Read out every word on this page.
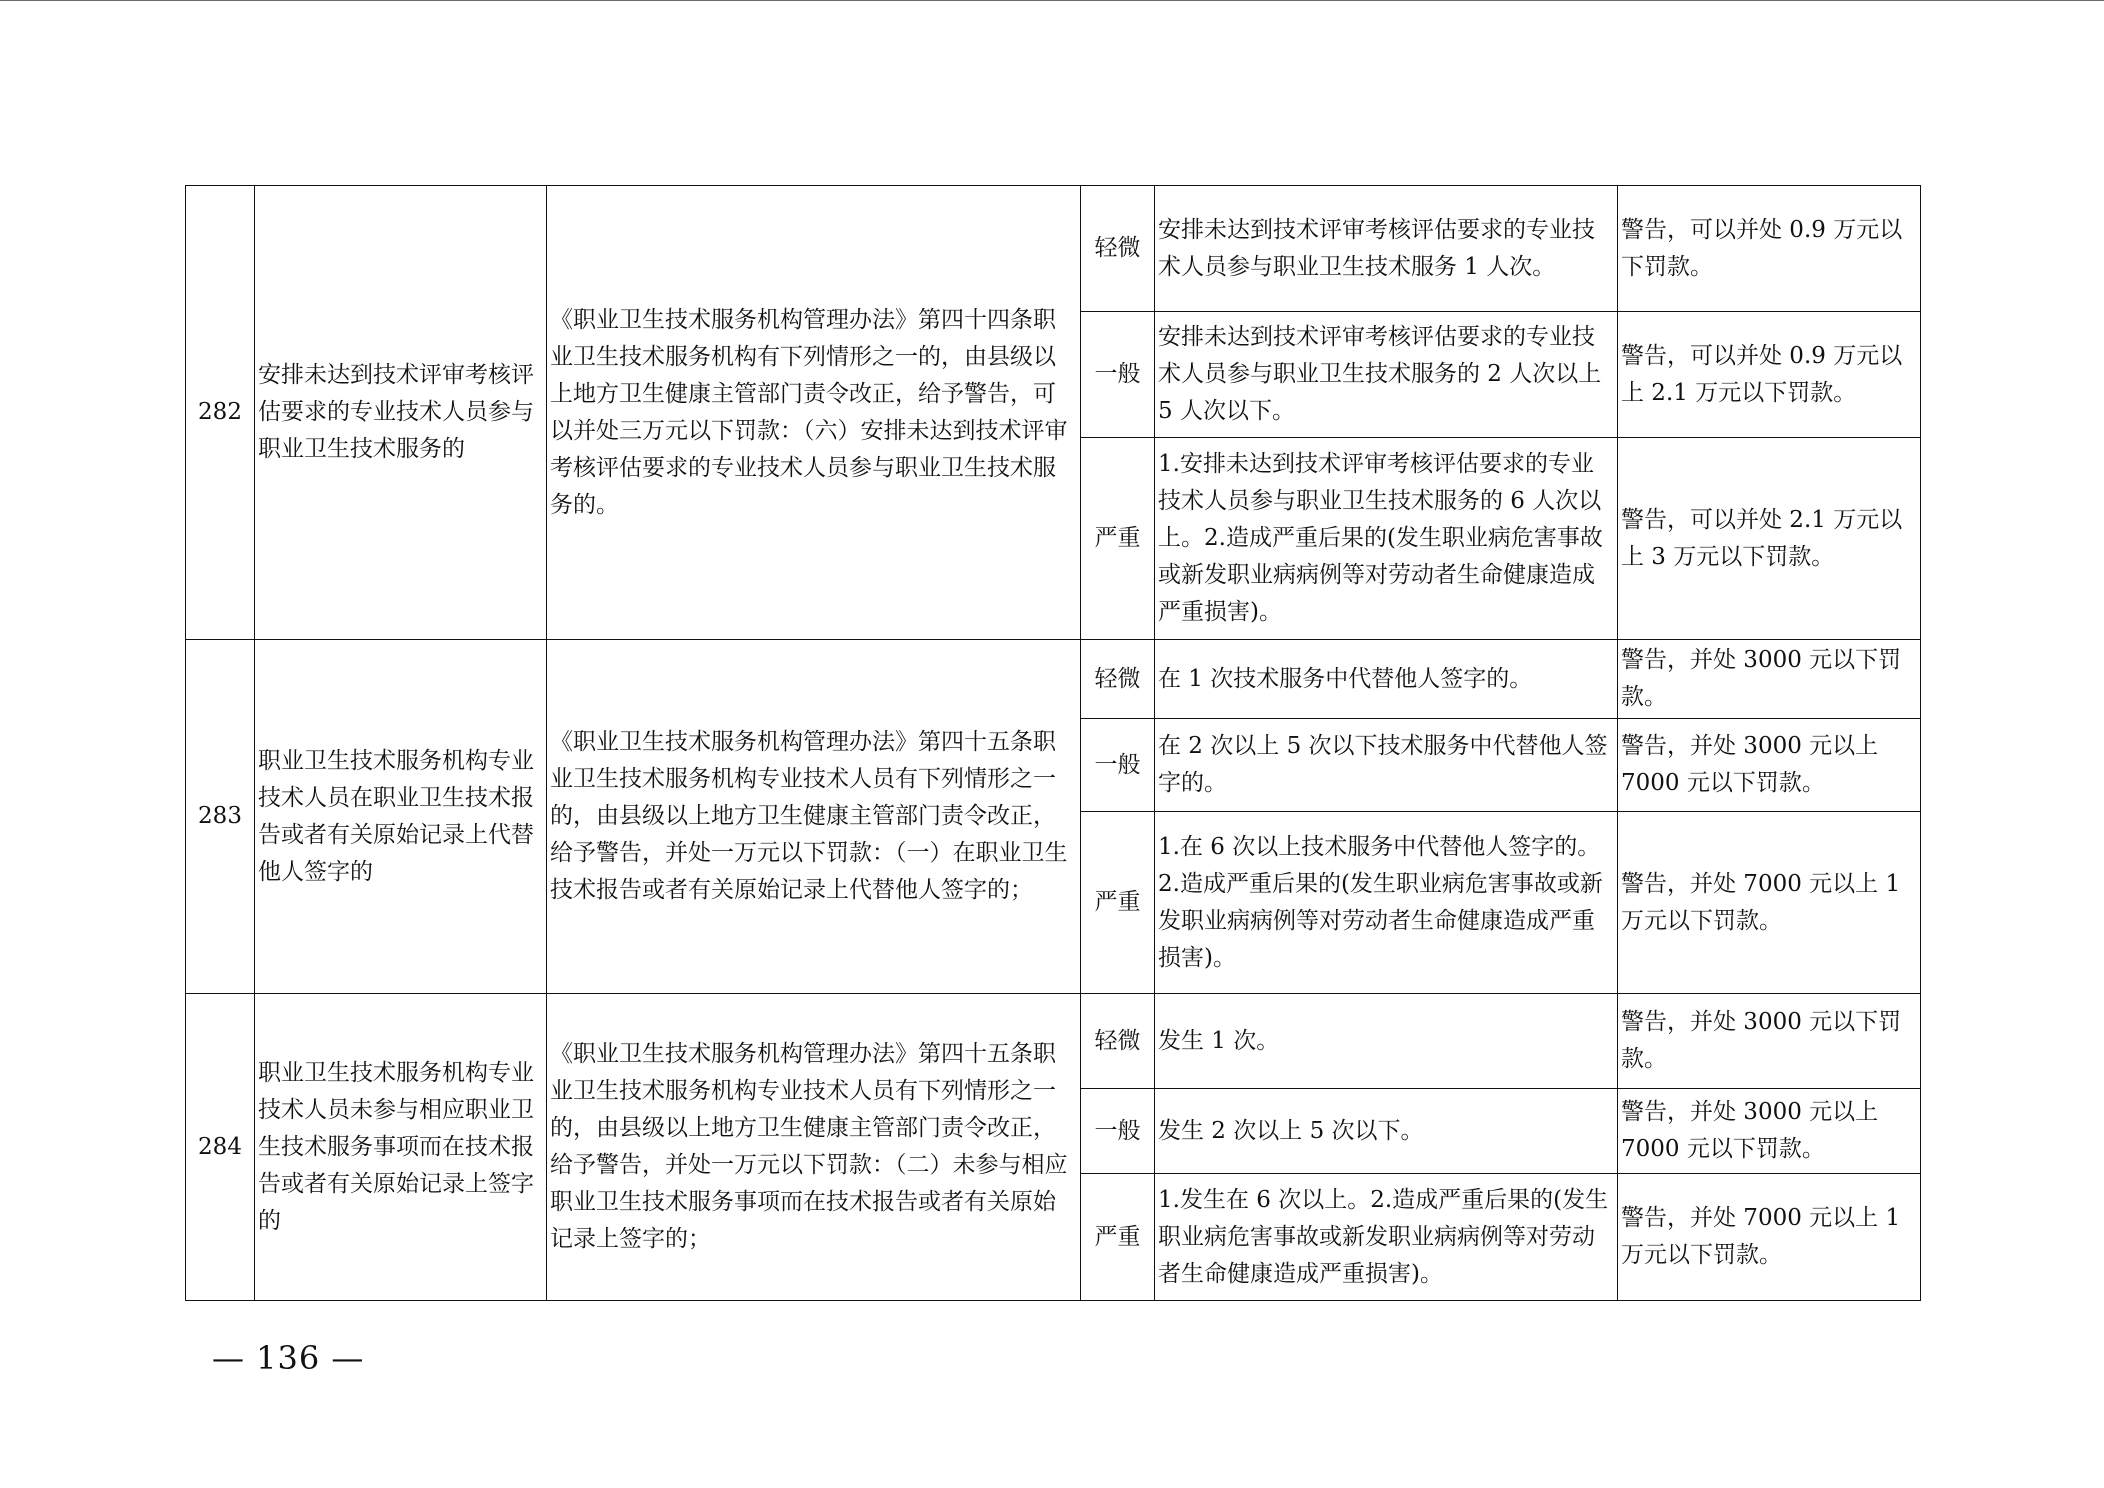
282	安排未达到技术评审考核评估要求的专业技术人员参与职业卫生技术服务的	《职业卫生技术服务机构管理办法》第四十四条职业卫生技术服务机构有下列情形之一的，由县级以上地方卫生健康主管部门责令改正，给予警告，可以并处三万元以下罚款：（六）安排未达到技术评审考核评估要求的专业技术人员参与职业卫生技术服务的。	轻微	安排未达到技术评审考核评估要求的专业技术人员参与职业卫生技术服务 1 人次。	警告，可以并处 0.9 万元以下罚款。
			一般	安排未达到技术评审考核评估要求的专业技术人员参与职业卫生技术服务的 2 人次以上 5 人次以下。	警告，可以并处 0.9 万元以上 2.1 万元以下罚款。
			严重	1.安排未达到技术评审考核评估要求的专业技术人员参与职业卫生技术服务的 6 人次以上。2.造成严重后果的(发生职业病危害事故或新发职业病病例等对劳动者生命健康造成严重损害)。	警告，可以并处 2.1 万元以上 3 万元以下罚款。
283	职业卫生技术服务机构专业技术人员在职业卫生技术报告或者有关原始记录上代替他人签字的	《职业卫生技术服务机构管理办法》第四十五条职业卫生技术服务机构专业技术人员有下列情形之一的，由县级以上地方卫生健康主管部门责令改正，给予警告，并处一万元以下罚款：（一）在职业卫生技术报告或者有关原始记录上代替他人签字的；	轻微	在 1 次技术服务中代替他人签字的。	警告，并处 3000 元以下罚款。
			一般	在 2 次以上 5 次以下技术服务中代替他人签字的。	警告，并处 3000 元以上 7000 元以下罚款。
			严重	1.在 6 次以上技术服务中代替他人签字的。2.造成严重后果的(发生职业病危害事故或新发职业病病例等对劳动者生命健康造成严重损害)。	警告，并处 7000 元以上 1 万元以下罚款。
284	职业卫生技术服务机构专业技术人员未参与相应职业卫生技术服务事项而在技术报告或者有关原始记录上签字的	《职业卫生技术服务机构管理办法》第四十五条职业卫生技术服务机构专业技术人员有下列情形之一的，由县级以上地方卫生健康主管部门责令改正，给予警告，并处一万元以下罚款：（二）未参与相应职业卫生技术服务事项而在技术报告或者有关原始记录上签字的；	轻微	发生 1 次。	警告，并处 3000 元以下罚款。
			一般	发生 2 次以上 5 次以下。	警告，并处 3000 元以上 7000 元以下罚款。
			严重	1.发生在 6 次以上。2.造成严重后果的(发生职业病危害事故或新发职业病病例等对劳动者生命健康造成严重损害)。	警告，并处 7000 元以上 1 万元以下罚款。
— 136 —
